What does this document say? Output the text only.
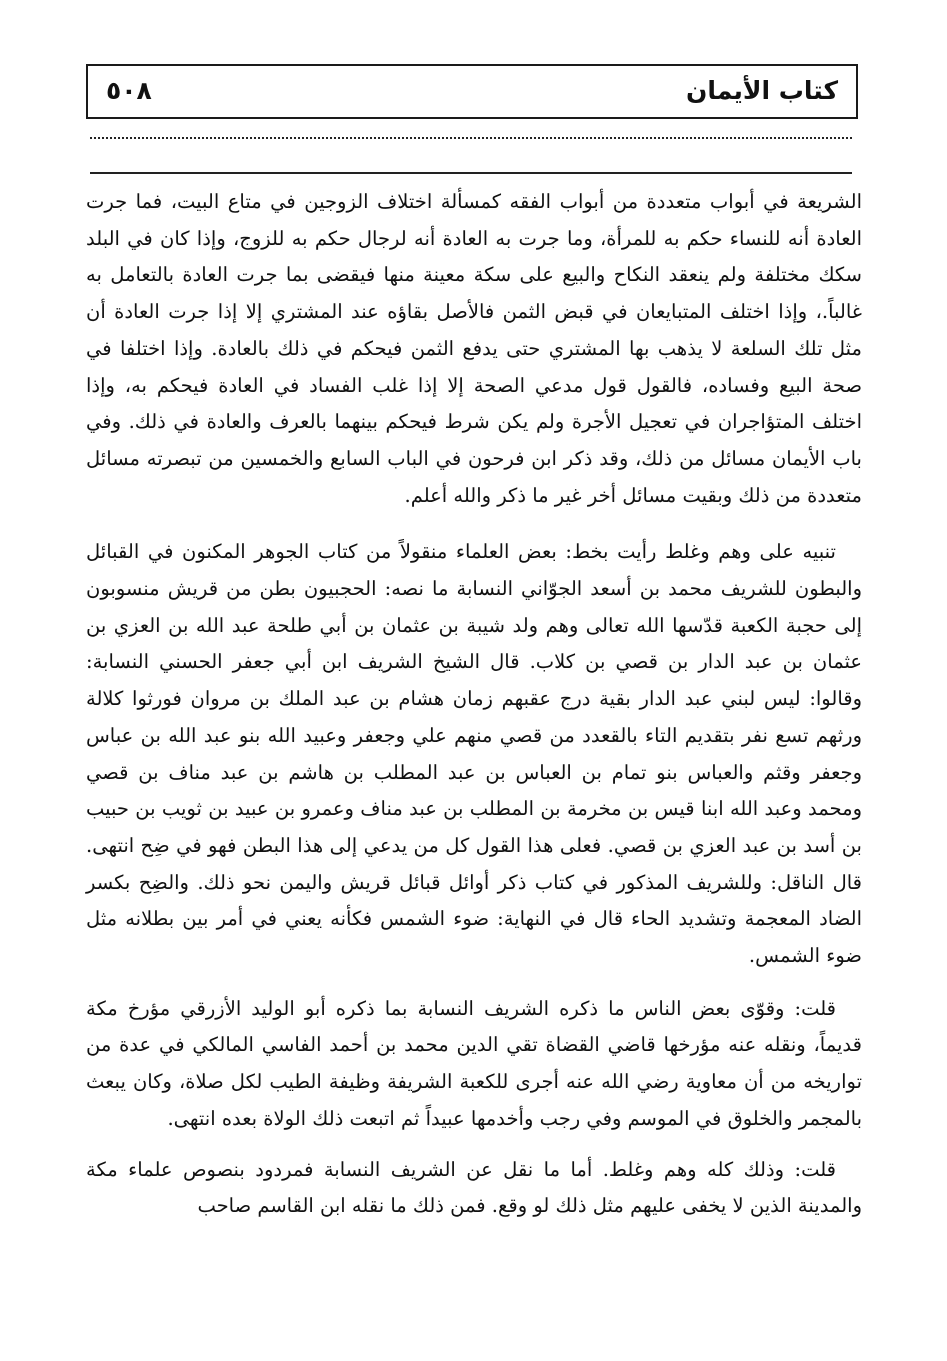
كتاب الأيمان
٥٠٨

الشريعة في أبواب متعددة من أبواب الفقه كمسألة اختلاف الزوجين في متاع البيت، فما جرت العادة أنه للنساء حكم به للمرأة، وما جرت به العادة أنه لرجال حكم به للزوج، وإذا كان في البلد سكك مختلفة ولم ينعقد النكاح والبيع على سكة معينة منها فيقضى بما جرت العادة بالتعامل به غالباً.، وإذا اختلف المتبايعان في قبض الثمن فالأصل بقاؤه عند المشتري إلا إذا جرت العادة أن مثل تلك السلعة لا يذهب بها المشتري حتى يدفع الثمن فيحكم في ذلك بالعادة. وإذا اختلفا في صحة البيع وفساده، فالقول قول مدعي الصحة إلا إذا غلب الفساد في العادة فيحكم به، وإذا اختلف المتؤاجران في تعجيل الأجرة ولم يكن شرط فيحكم بينهما بالعرف والعادة في ذلك. وفي باب الأيمان مسائل من ذلك، وقد ذكر ابن فرحون في الباب السابع والخمسين من تبصرته مسائل متعددة من ذلك وبقيت مسائل أخر غير ما ذكر والله أعلم.

تنبيه على وهم وغلط رأيت بخط: بعض العلماء منقولاً من كتاب الجوهر المكنون في القبائل والبطون للشريف محمد بن أسعد الجوّاني النسابة ما نصه: الحجبيون بطن من قريش منسوبون إلى حجبة الكعبة قدّسها الله تعالى وهم ولد شيبة بن عثمان بن أبي طلحة عبد الله بن العزي بن عثمان بن عبد الدار بن قصي بن كلاب. قال الشيخ الشريف ابن أبي جعفر الحسني النسابة: وقالوا: ليس لبني عبد الدار بقية درج عقبهم زمان هشام بن عبد الملك بن مروان فورثوا كلالة ورثهم تسع نفر بتقديم التاء بالقعدد من قصي منهم علي وجعفر وعبيد الله بنو عبد الله بن عباس وجعفر وقثم والعباس بنو تمام بن العباس بن عبد المطلب بن هاشم بن عبد مناف بن قصي ومحمد وعبد الله ابنا قيس بن مخرمة بن المطلب بن عبد مناف وعمرو بن عبيد بن ثويب بن حبيب بن أسد بن عبد العزي بن قصي. فعلى هذا القول كل من يدعي إلى هذا البطن فهو في ضِح انتهى. قال الناقل: وللشريف المذكور في كتاب ذكر أوائل قبائل قريش واليمن نحو ذلك. والضِح بكسر الضاد المعجمة وتشديد الحاء قال في النهاية: ضوء الشمس فكأنه يعني في أمر بين بطلانه مثل ضوء الشمس.

قلت: وقوّى بعض الناس ما ذكره الشريف النسابة بما ذكره أبو الوليد الأزرقي مؤرخ مكة قديماً، ونقله عنه مؤرخها قاضي القضاة تقي الدين محمد بن أحمد الفاسي المالكي في عدة من تواريخه من أن معاوية رضي الله عنه أجرى للكعبة الشريفة وظيفة الطيب لكل صلاة، وكان يبعث بالمجمر والخلوق في الموسم وفي رجب وأخدمها عبيداً ثم اتبعت ذلك الولاة بعده انتهى.

قلت: وذلك كله وهم وغلط. أما ما نقل عن الشريف النسابة فمردود بنصوص علماء مكة والمدينة الذين لا يخفى عليهم مثل ذلك لو وقع. فمن ذلك ما نقله ابن القاسم صاحب
